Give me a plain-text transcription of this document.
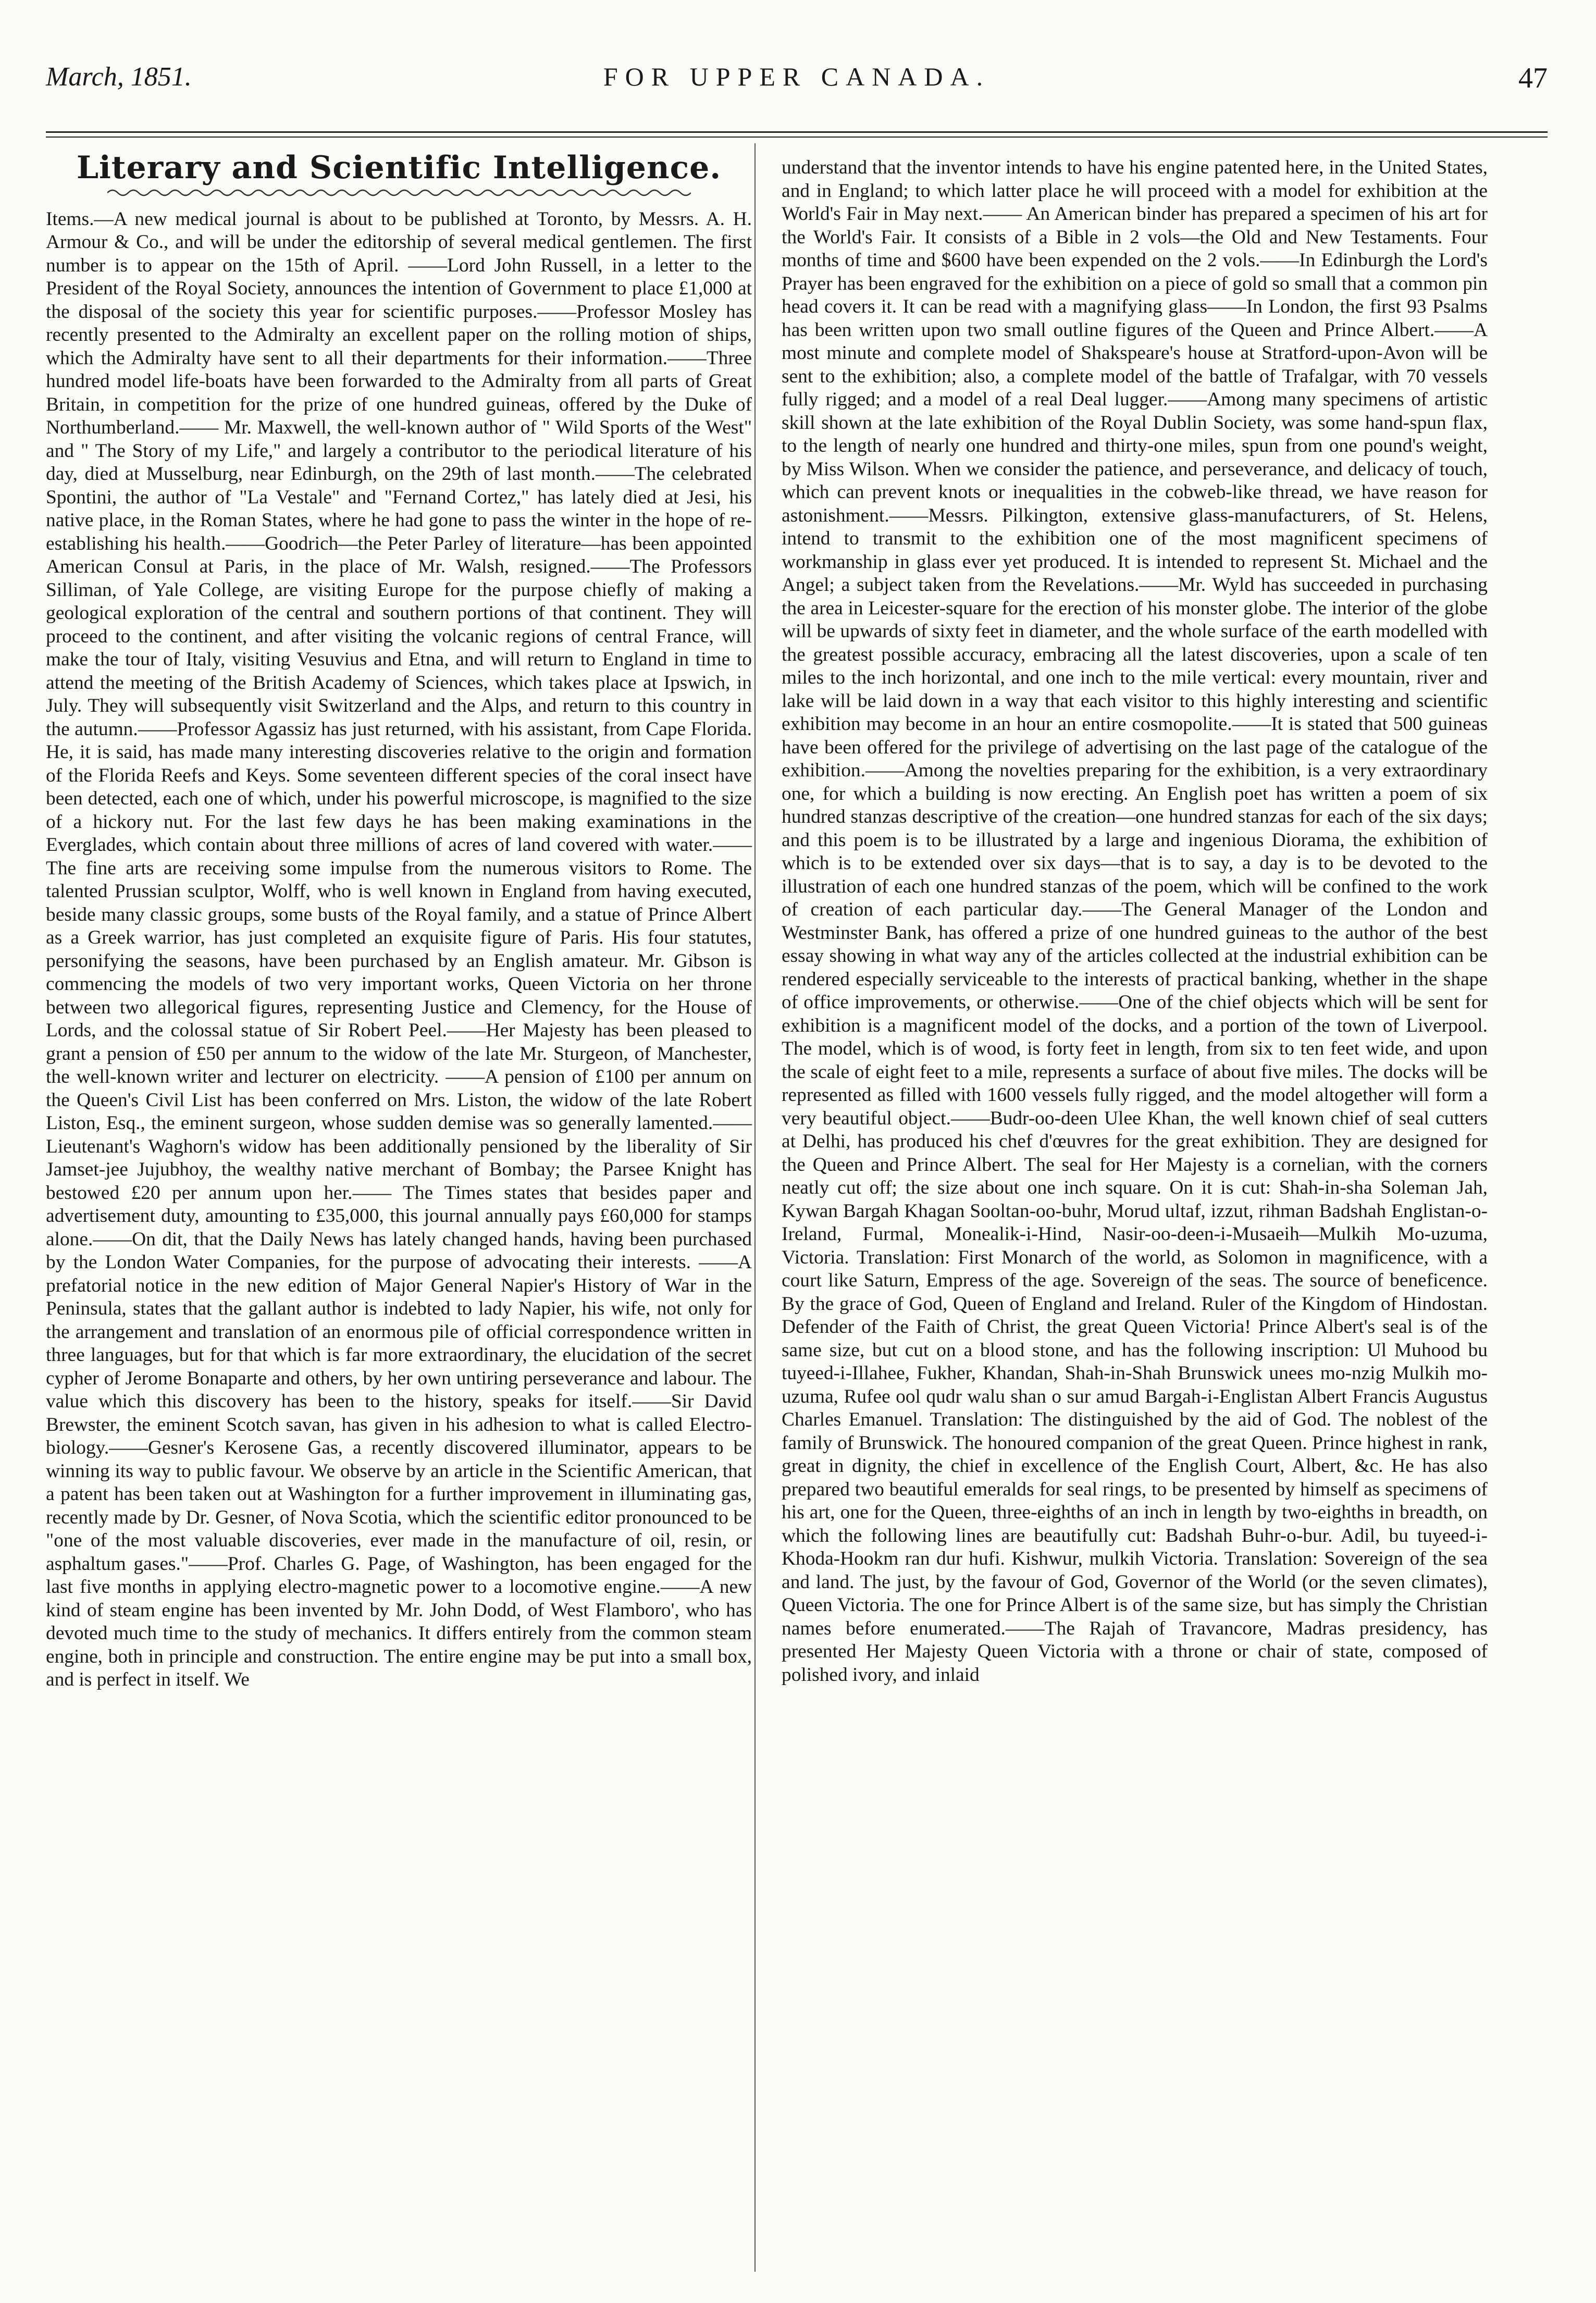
March, 1851.	FOR UPPER CANADA.	47
Literary and Scientific Intelligence.

Items.—A new medical journal is about to be published at Toronto, by Messrs. A. H. Armour & Co., and will be under the editorship of several medical gentlemen. The first number is to appear on the 15th of April. ——Lord John Russell, in a letter to the President of the Royal Society, announces the intention of Government to place £1,000 at the disposal of the society this year for scientific purposes.——Professor Mosley has recently presented to the Admiralty an excellent paper on the rolling motion of ships, which the Admiralty have sent to all their departments for their information.——Three hundred model life-boats have been forwarded to the Admiralty from all parts of Great Britain, in competition for the prize of one hundred guineas, offered by the Duke of Northumberland.—— Mr. Maxwell, the well-known author of " Wild Sports of the West" and " The Story of my Life," and largely a contributor to the periodical literature of his day, died at Musselburg, near Edinburgh, on the 29th of last month.——The celebrated Spontini, the author of "La Vestale" and "Fernand Cortez," has lately died at Jesi, his native place, in the Roman States, where he had gone to pass the winter in the hope of re-establishing his health.——Goodrich—the Peter Parley of literature—has been appointed American Consul at Paris, in the place of Mr. Walsh, resigned.——The Professors Silliman, of Yale College, are visiting Europe for the purpose chiefly of making a geological exploration of the central and southern portions of that continent. They will proceed to the continent, and after visiting the volcanic regions of central France, will make the tour of Italy, visiting Vesuvius and Etna, and will return to England in time to attend the meeting of the British Academy of Sciences, which takes place at Ipswich, in July. They will subsequently visit Switzerland and the Alps, and return to this country in the autumn.——Professor Agassiz has just returned, with his assistant, from Cape Florida. He, it is said, has made many interesting discoveries relative to the origin and formation of the Florida Reefs and Keys. Some seventeen different species of the coral insect have been detected, each one of which, under his powerful microscope, is magnified to the size of a hickory nut. For the last few days he has been making examinations in the Everglades, which contain about three millions of acres of land covered with water.——The fine arts are receiving some impulse from the numerous visitors to Rome. The talented Prussian sculptor, Wolff, who is well known in England from having executed, beside many classic groups, some busts of the Royal family, and a statue of Prince Albert as a Greek warrior, has just completed an exquisite figure of Paris. His four statutes, personifying the seasons, have been purchased by an English amateur. Mr. Gibson is commencing the models of two very important works, Queen Victoria on her throne between two allegorical figures, representing Justice and Clemency, for the House of Lords, and the colossal statue of Sir Robert Peel.——Her Majesty has been pleased to grant a pension of £50 per annum to the widow of the late Mr. Sturgeon, of Manchester, the well-known writer and lecturer on electricity. ——A pension of £100 per annum on the Queen's Civil List has been conferred on Mrs. Liston, the widow of the late Robert Liston, Esq., the eminent surgeon, whose sudden demise was so generally lamented.—— Lieutenant's Waghorn's widow has been additionally pensioned by the liberality of Sir Jamset-jee Jujubhoy, the wealthy native merchant of Bombay; the Parsee Knight has bestowed £20 per annum upon her.—— The Times states that besides paper and advertisement duty, amounting to £35,000, this journal annually pays £60,000 for stamps alone.——On dit, that the Daily News has lately changed hands, having been purchased by the London Water Companies, for the purpose of advocating their interests. ——A prefatorial notice in the new edition of Major General Napier's History of War in the Peninsula, states that the gallant author is indebted to lady Napier, his wife, not only for the arrangement and translation of an enormous pile of official correspondence written in three languages, but for that which is far more extraordinary, the elucidation of the secret cypher of Jerome Bonaparte and others, by her own untiring perseverance and labour. The value which this discovery has been to the history, speaks for itself.——Sir David Brewster, the eminent Scotch savan, has given in his adhesion to what is called Electro-biology.——Gesner's Kerosene Gas, a recently discovered illuminator, appears to be winning its way to public favour. We observe by an article in the Scientific American, that a patent has been taken out at Washington for a further improvement in illuminating gas, recently made by Dr. Gesner, of Nova Scotia, which the scientific editor pronounced to be "one of the most valuable discoveries, ever made in the manufacture of oil, resin, or asphaltum gases."——Prof. Charles G. Page, of Washington, has been engaged for the last five months in applying electro-magnetic power to a locomotive engine.——A new kind of steam engine has been invented by Mr. John Dodd, of West Flamboro', who has devoted much time to the study of mechanics. It differs entirely from the common steam engine, both in principle and construction. The entire engine may be put into a small box, and is perfect in itself. We

understand that the inventor intends to have his engine patented here, in the United States, and in England; to which latter place he will proceed with a model for exhibition at the World's Fair in May next.—— An American binder has prepared a specimen of his art for the World's Fair. It consists of a Bible in 2 vols—the Old and New Testaments. Four months of time and $600 have been expended on the 2 vols.——In Edinburgh the Lord's Prayer has been engraved for the exhibition on a piece of gold so small that a common pin head covers it. It can be read with a magnifying glass——In London, the first 93 Psalms has been written upon two small outline figures of the Queen and Prince Albert.——A most minute and complete model of Shakspeare's house at Stratford-upon-Avon will be sent to the exhibition; also, a complete model of the battle of Trafalgar, with 70 vessels fully rigged; and a model of a real Deal lugger.——Among many specimens of artistic skill shown at the late exhibition of the Royal Dublin Society, was some hand-spun flax, to the length of nearly one hundred and thirty-one miles, spun from one pound's weight, by Miss Wilson. When we consider the patience, and perseverance, and delicacy of touch, which can prevent knots or inequalities in the cobweb-like thread, we have reason for astonishment.——Messrs. Pilkington, extensive glass-manufacturers, of St. Helens, intend to transmit to the exhibition one of the most magnificent specimens of workmanship in glass ever yet produced. It is intended to represent St. Michael and the Angel; a subject taken from the Revelations.——Mr. Wyld has succeeded in purchasing the area in Leicester-square for the erection of his monster globe. The interior of the globe will be upwards of sixty feet in diameter, and the whole surface of the earth modelled with the greatest possible accuracy, embracing all the latest discoveries, upon a scale of ten miles to the inch horizontal, and one inch to the mile vertical: every mountain, river and lake will be laid down in a way that each visitor to this highly interesting and scientific exhibition may become in an hour an entire cosmopolite.——It is stated that 500 guineas have been offered for the privilege of advertising on the last page of the catalogue of the exhibition.——Among the novelties preparing for the exhibition, is a very extraordinary one, for which a building is now erecting. An English poet has written a poem of six hundred stanzas descriptive of the creation—one hundred stanzas for each of the six days; and this poem is to be illustrated by a large and ingenious Diorama, the exhibition of which is to be extended over six days—that is to say, a day is to be devoted to the illustration of each one hundred stanzas of the poem, which will be confined to the work of creation of each particular day.——The General Manager of the London and Westminster Bank, has offered a prize of one hundred guineas to the author of the best essay showing in what way any of the articles collected at the industrial exhibition can be rendered especially serviceable to the interests of practical banking, whether in the shape of office improvements, or otherwise.——One of the chief objects which will be sent for exhibition is a magnificent model of the docks, and a portion of the town of Liverpool. The model, which is of wood, is forty feet in length, from six to ten feet wide, and upon the scale of eight feet to a mile, represents a surface of about five miles. The docks will be represented as filled with 1600 vessels fully rigged, and the model altogether will form a very beautiful object.——Budr-oo-deen Ulee Khan, the well known chief of seal cutters at Delhi, has produced his chef d'œuvres for the great exhibition. They are designed for the Queen and Prince Albert. The seal for Her Majesty is a cornelian, with the corners neatly cut off; the size about one inch square. On it is cut: Shah-in-sha Soleman Jah, Kywan Bargah Khagan Sooltan-oo-buhr, Morud ultaf, izzut, rihman Badshah Englistan-o-Ireland, Furmal, Monealik-i-Hind, Nasir-oo-deen-i-Musaeih—Mulkih Mo-uzuma, Victoria. Translation: First Monarch of the world, as Solomon in magnificence, with a court like Saturn, Empress of the age. Sovereign of the seas. The source of beneficence. By the grace of God, Queen of England and Ireland. Ruler of the Kingdom of Hindostan. Defender of the Faith of Christ, the great Queen Victoria! Prince Albert's seal is of the same size, but cut on a blood stone, and has the following inscription: Ul Muhood bu tuyeed-i-Illahee, Fukher, Khandan, Shah-in-Shah Brunswick unees mo-nzig Mulkih mo-uzuma, Rufee ool qudr walu shan o sur amud Bargah-i-Englistan Albert Francis Augustus Charles Emanuel. Translation: The distinguished by the aid of God. The noblest of the family of Brunswick. The honoured companion of the great Queen. Prince highest in rank, great in dignity, the chief in excellence of the English Court, Albert, &c. He has also prepared two beautiful emeralds for seal rings, to be presented by himself as specimens of his art, one for the Queen, three-eighths of an inch in length by two-eighths in breadth, on which the following lines are beautifully cut: Badshah Buhr-o-bur. Adil, bu tuyeed-i-Khoda-Hookm ran dur hufi. Kishwur, mulkih Victoria. Translation: Sovereign of the sea and land. The just, by the favour of God, Governor of the World (or the seven climates), Queen Victoria. The one for Prince Albert is of the same size, but has simply the Christian names before enumerated.——The Rajah of Travancore, Madras presidency, has presented Her Majesty Queen Victoria with a throne or chair of state, composed of polished ivory, and inlaid
